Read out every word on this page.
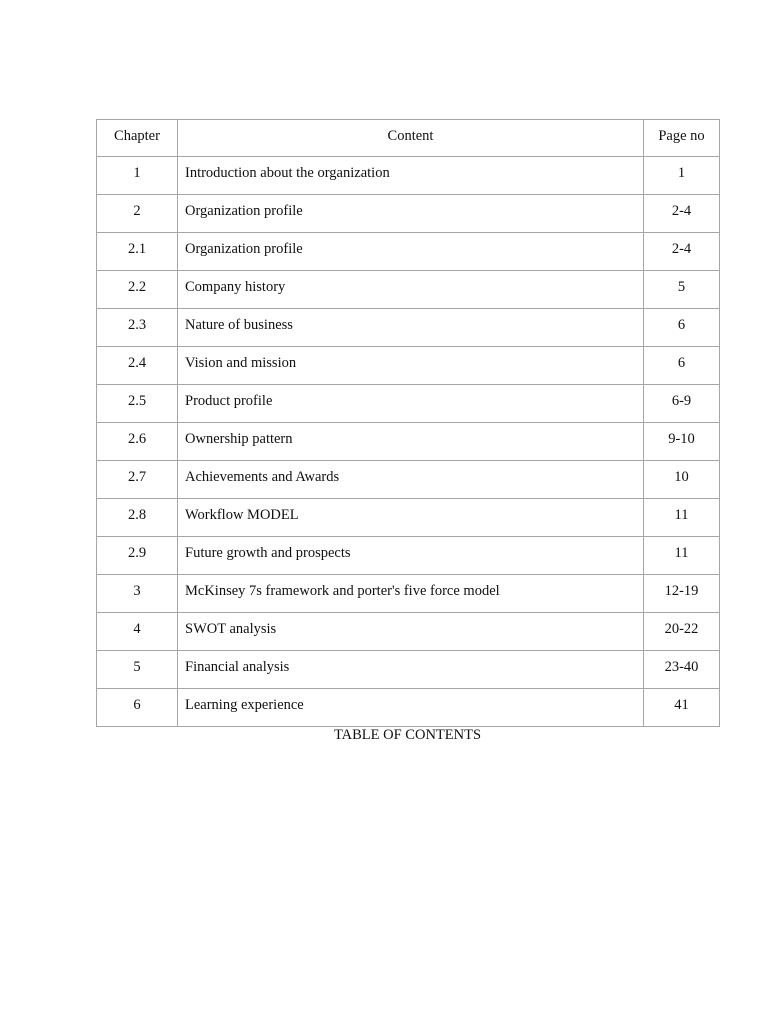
Chapter	Content	Page no

1	Introduction about the organization	1

2	Organization profile	2-4

2.1	Organization profile	2-4

2.2	Company history	5

2.3	Nature of business	6

2.4	Vision and mission	6

2.5	Product profile	6-9

2.6	Ownership pattern	9-10

2.7	Achievements and Awards	10

2.8	Workflow MODEL	11

2.9	Future growth and prospects	11

3	McKinsey 7s framework and porter's five force model	12-19

4	SWOT analysis	20-22

5	Financial analysis	23-40

6	Learning experience	41
TABLE OF CONTENTS
